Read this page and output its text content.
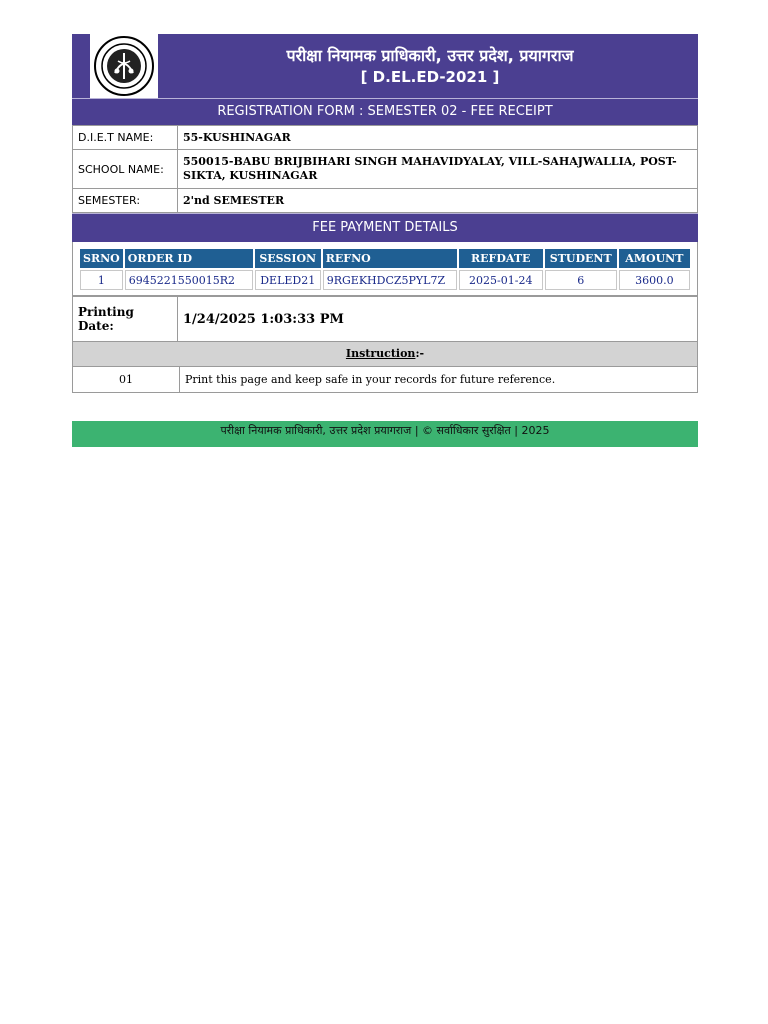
परीक्षा नियामक प्राधिकारी, उत्तर प्रदेश, प्रयागराज
[ D.EL.ED-2021 ]
REGISTRATION FORM : SEMESTER 02 - FEE RECEIPT
D.I.E.T NAME:	55-KUSHINAGAR
SCHOOL NAME:	550015-BABU BRIJBIHARI SINGH MAHAVIDYALAY, VILL-SAHAJWALLIA, POST-SIKTA, KUSHINAGAR
SEMESTER:	2'nd SEMESTER
FEE PAYMENT DETAILS
SRNO	ORDER ID	SESSION	REFNO	REFDATE	STUDENT	AMOUNT
1	6945221550015R2	DELED21	9RGEKHDCZ5PYL7Z	2025-01-24	6	3600.0
Printing Date:	1/24/2025 1:03:33 PM
Instruction:-
01	Print this page and keep safe in your records for future reference.
परीक्षा नियामक प्राधिकारी, उत्तर प्रदेश प्रयागराज | © सर्वाधिकार सुरक्षित | 2025
